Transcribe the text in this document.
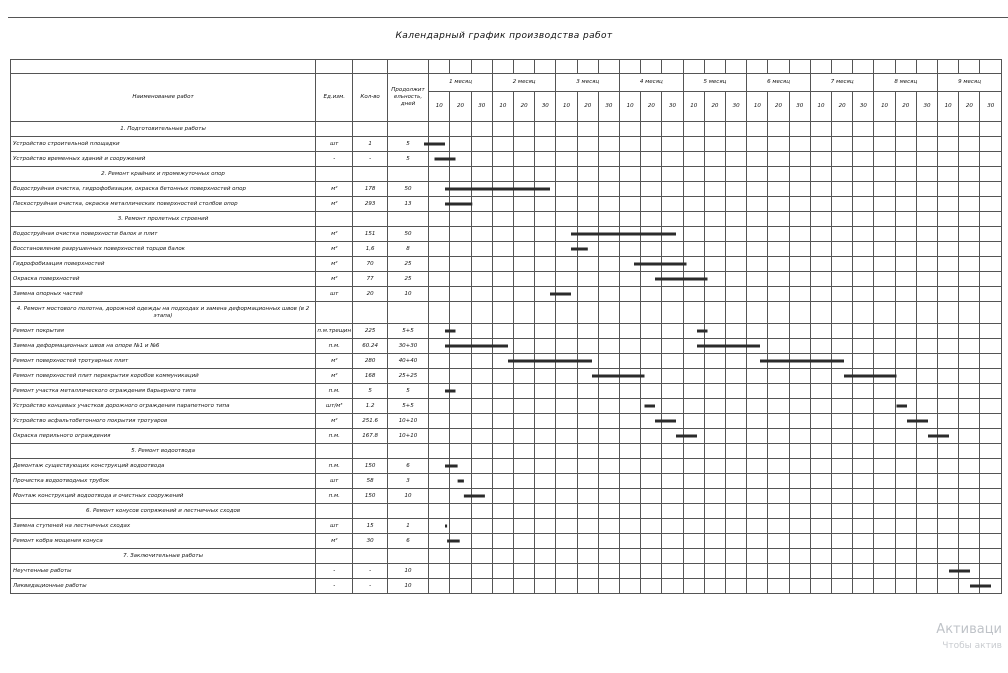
Календарный график производства работ

Наименование работ	Ед.изм.	Кол-во	Продолжит ельность, дней	1 месяц			2 месяц			3 месяц			4 месяц			5 месяц			6 месяц			7 месяц			8 месяц			9 месяц		
				10	20	30	10	20	30	10	20	30	10	20	30	10	20	30	10	20	30	10	20	30	10	20	30	10	20	30
1. Подготовительные работы																														
Устройство строительной площадки	шт	1	5																											
Устройство временных зданий и сооружений	-	-	5																											
2. Ремонт крайних и промежуточных опор																														
Водоструйная очистка, гидрофобизация, окраска бетонных поверхностей опор	м²	178	50																											
Пескоструйная очистка, окраска металлических поверхностей столбов опор	м²	293	13																											
3. Ремонт пролетных строений																														
Водоструйная очистка поверхности балок и плит	м²	151	50																											
Восстановление разрушенных поверхностей торцов балок	м²	1,6	8																											
Гидрофобизация поверхностей	м²	70	25																											
Окраска поверхностей	м²	77	25																											
Замена опорных частей	шт	20	10																											
4. Ремонт мостового полотна, дорожной одежды на подходах и замена деформационных швов (в 2 этапа)																														
Ремонт покрытия	п.м.трещин	225	5+5																											
Замена деформационных швов на опоре №1 и №6	п.м.	60.24	30+30																											
Ремонт поверхностей тротуарных плит	м²	280	40+40																											
Ремонт поверхностей плит перекрытия коробов коммуникаций	м²	168	25+25																											
Ремонт участка металлического ограждения барьерного типа	п.м.	5	5																											
Устройство концевых участков дорожного ограждения парапетного типа	шт/м³	1.2	5+5																											
Устройство асфальтобетонного покрытия тротуаров	м²	251.6	10+10																											
Окраска перильного ограждения	п.м.	167.8	10+10																											
5. Ремонт водоотвода																														
Демонтаж существующих конструкций водоотвода	п.м.	150	6																											
Прочистка водоотводных трубок	шт	58	3																											
Монтаж конструкций водоотвода и очистных сооружений	п.м.	150	10																											
6. Ремонт конусов сопряжений и лестничных сходов																														
Замена ступеней на лестничных сходах	шт	15	1																											
Ремонт кобра мощения конуса	м²	30	6																											
7. Заключительные работы																														
Неучтенные работы	-	-	10																											
Ликвидационные работы	-	-	10																											
Активаци
Чтобы актив
